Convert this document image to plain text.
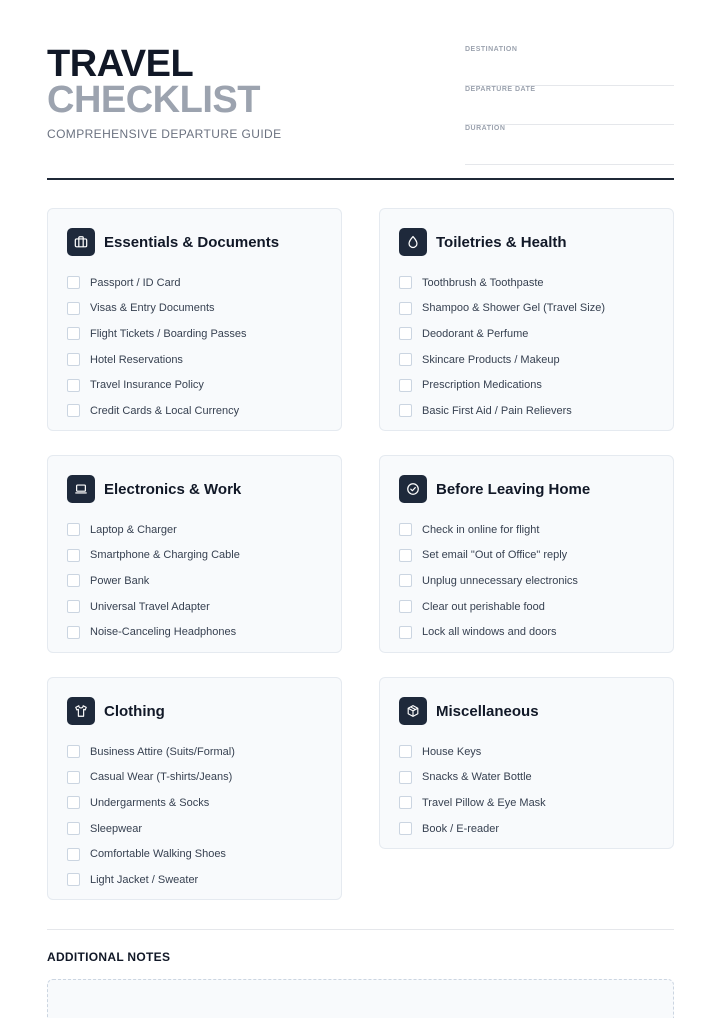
TRAVEL
CHECKLIST
COMPREHENSIVE DEPARTURE GUIDE
DESTINATION
DEPARTURE DATE
DURATION
Essentials & Documents
Passport / ID Card
Visas & Entry Documents
Flight Tickets / Boarding Passes
Hotel Reservations
Travel Insurance Policy
Credit Cards & Local Currency
Toiletries & Health
Toothbrush & Toothpaste
Shampoo & Shower Gel (Travel Size)
Deodorant & Perfume
Skincare Products / Makeup
Prescription Medications
Basic First Aid / Pain Relievers
Electronics & Work
Laptop & Charger
Smartphone & Charging Cable
Power Bank
Universal Travel Adapter
Noise-Canceling Headphones
Before Leaving Home
Check in online for flight
Set email "Out of Office" reply
Unplug unnecessary electronics
Clear out perishable food
Lock all windows and doors
Clothing
Business Attire (Suits/Formal)
Casual Wear (T-shirts/Jeans)
Undergarments & Socks
Sleepwear
Comfortable Walking Shoes
Light Jacket / Sweater
Miscellaneous
House Keys
Snacks & Water Bottle
Travel Pillow & Eye Mask
Book / E-reader
ADDITIONAL NOTES
